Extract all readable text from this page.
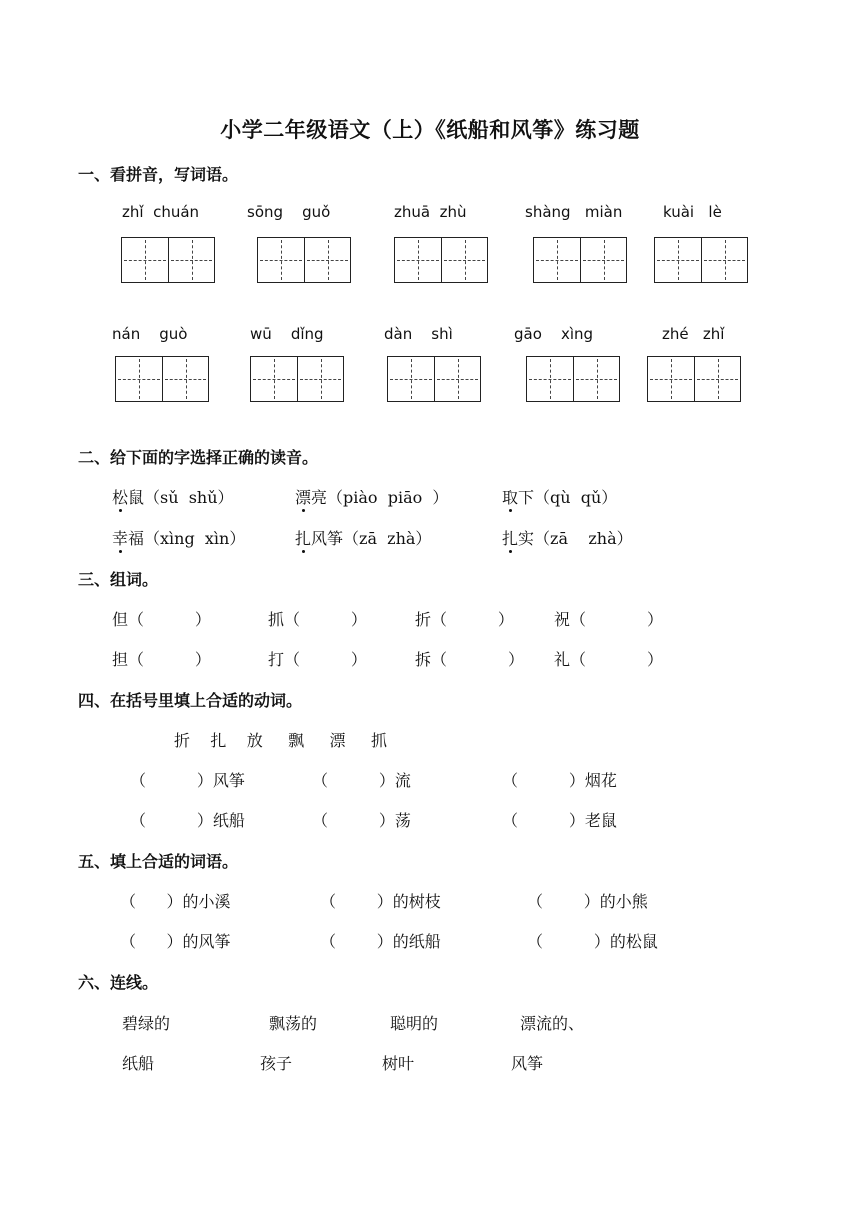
小学二年级语文（上）《纸船和风筝》练习题
一、看拼音，写词语。
zhǐ  chuán	sōng    guǒ	zhuā  zhù	shàng   miàn	kuài   lè
nán    guò	wū    dǐng	dàn    shì	gāo    xìng	zhé   zhǐ
二、给下面的字选择正确的读音。
松鼠（sǔ  shǔ）	漂亮（piào  piāo  ）	取下（qù  qǔ）
幸福（xìng  xìn）	扎风筝（zā  zhà）	扎实（zā    zhà）
三、组词。
但（          ）	抓（          ）	折（          ）	祝（            ）
担（          ）	打（          ）	拆（            ） 礼（            ）
四、在括号里填上合适的动词。
折    扎    放     飘     漂     抓
（          ）风筝	（          ）流	（          ）烟花
（          ）纸船	（          ）荡	（          ）老鼠
五、填上合适的词语。
（      ）的小溪	（        ）的树枝	（        ）的小熊
（      ）的风筝	（        ）的纸船	（          ）的松鼠
六、连线。
碧绿的	飘荡的	聪明的	漂流的、
纸船	孩子	树叶	风筝
